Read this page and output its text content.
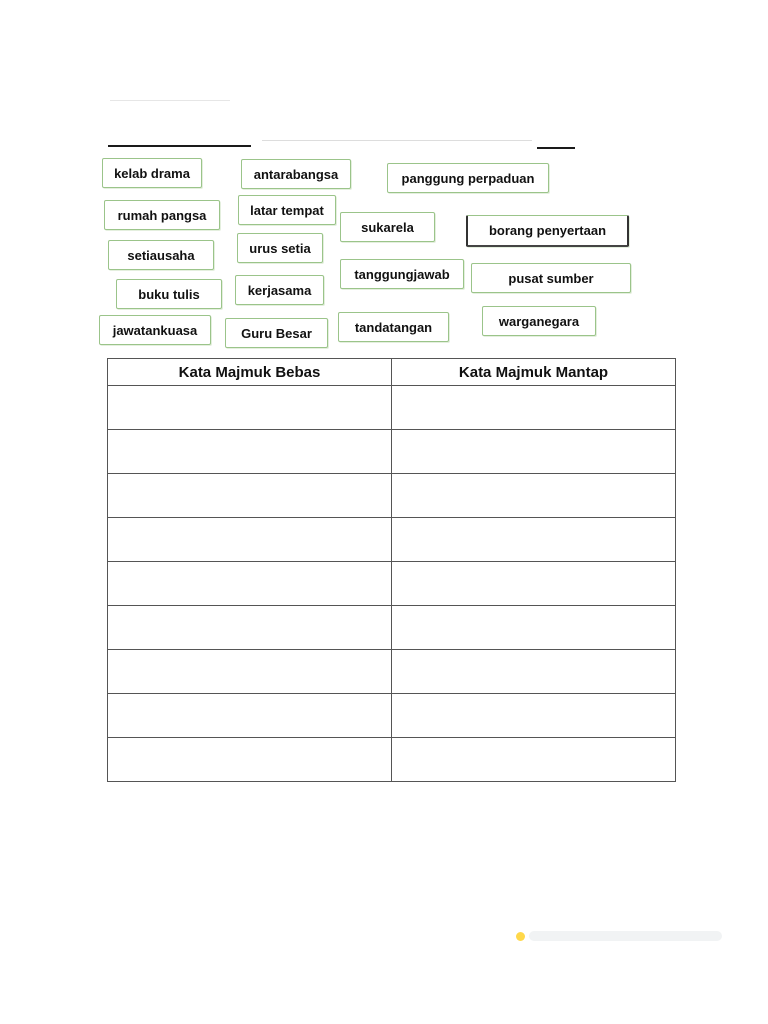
kelab drama	antarabangsa	panggung perpaduan
rumah pangsa	latar tempat
sukarela	borang penyertaan
setiausaha	urus setia
tanggungjawab	pusat sumber
buku tulis	kerjasama
jawatankuasa	Guru Besar	tandatangan	warganegara
Kata Majmuk Bebas	Kata Majmuk Mantap
